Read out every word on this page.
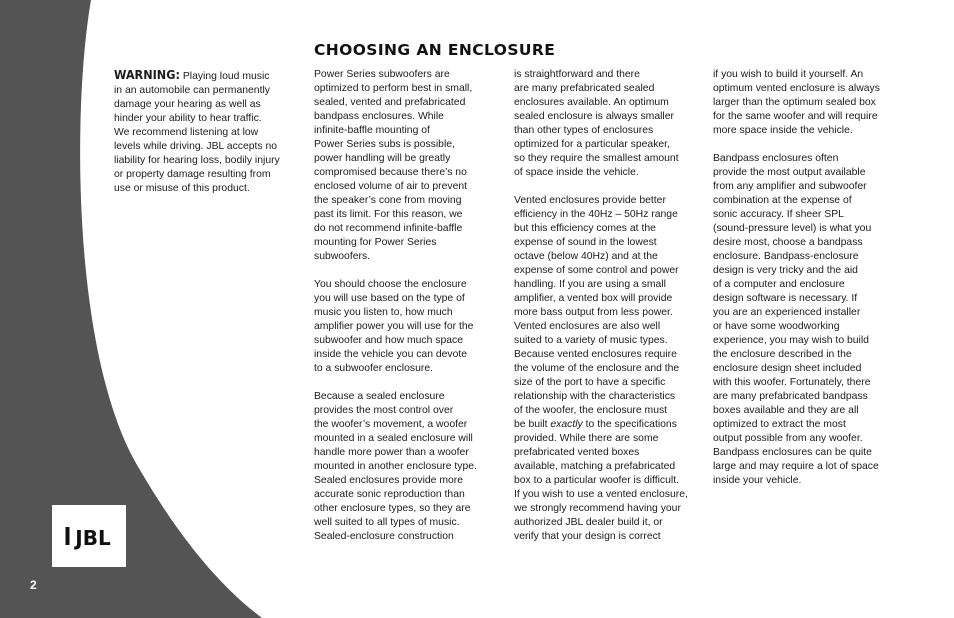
JBL
2
CHOOSING AN ENCLOSURE
WARNING: Playing loud music
in an automobile can permanently
damage your hearing as well as
hinder your ability to hear traffic.
We recommend listening at low
levels while driving. JBL accepts no
liability for hearing loss, bodily injury
or property damage resulting from
use or misuse of this product.

Power Series subwoofers are
optimized to perform best in small,
sealed, vented and prefabricated
bandpass enclosures. While
infinite-baffle mounting of
Power Series subs is possible,
power handling will be greatly
compromised because there’s no
enclosed volume of air to prevent
the speaker’s cone from moving
past its limit. For this reason, we
do not recommend infinite-baffle
mounting for Power Series
subwoofers.

You should choose the enclosure
you will use based on the type of
music you listen to, how much
amplifier power you will use for the
subwoofer and how much space
inside the vehicle you can devote
to a subwoofer enclosure.

Because a sealed enclosure
provides the most control over
the woofer’s movement, a woofer
mounted in a sealed enclosure will
handle more power than a woofer
mounted in another enclosure type.
Sealed enclosures provide more
accurate sonic reproduction than
other enclosure types, so they are
well suited to all types of music.
Sealed-enclosure construction

is straightforward and there
are many prefabricated sealed
enclosures available. An optimum
sealed enclosure is always smaller
than other types of enclosures
optimized for a particular speaker,
so they require the smallest amount
of space inside the vehicle.

Vented enclosures provide better
efficiency in the 40Hz – 50Hz range
but this efficiency comes at the
expense of sound in the lowest
octave (below 40Hz) and at the
expense of some control and power
handling. If you are using a small
amplifier, a vented box will provide
more bass output from less power.
Vented enclosures are also well
suited to a variety of music types.
Because vented enclosures require
the volume of the enclosure and the
size of the port to have a specific
relationship with the characteristics
of the woofer, the enclosure must
be built exactly to the specifications
provided. While there are some
prefabricated vented boxes
available, matching a prefabricated
box to a particular woofer is difficult.
If you wish to use a vented enclosure,
we strongly recommend having your
authorized JBL dealer build it, or
verify that your design is correct

if you wish to build it yourself. An
optimum vented enclosure is always
larger than the optimum sealed box
for the same woofer and will require
more space inside the vehicle.

Bandpass enclosures often
provide the most output available
from any amplifier and subwoofer
combination at the expense of
sonic accuracy. If sheer SPL
(sound-pressure level) is what you
desire most, choose a bandpass
enclosure. Bandpass-enclosure
design is very tricky and the aid
of a computer and enclosure
design software is necessary. If
you are an experienced installer
or have some woodworking
experience, you may wish to build
the enclosure described in the
enclosure design sheet included
with this woofer. Fortunately, there
are many prefabricated bandpass
boxes available and they are all
optimized to extract the most
output possible from any woofer.
Bandpass enclosures can be quite
large and may require a lot of space
inside your vehicle.
